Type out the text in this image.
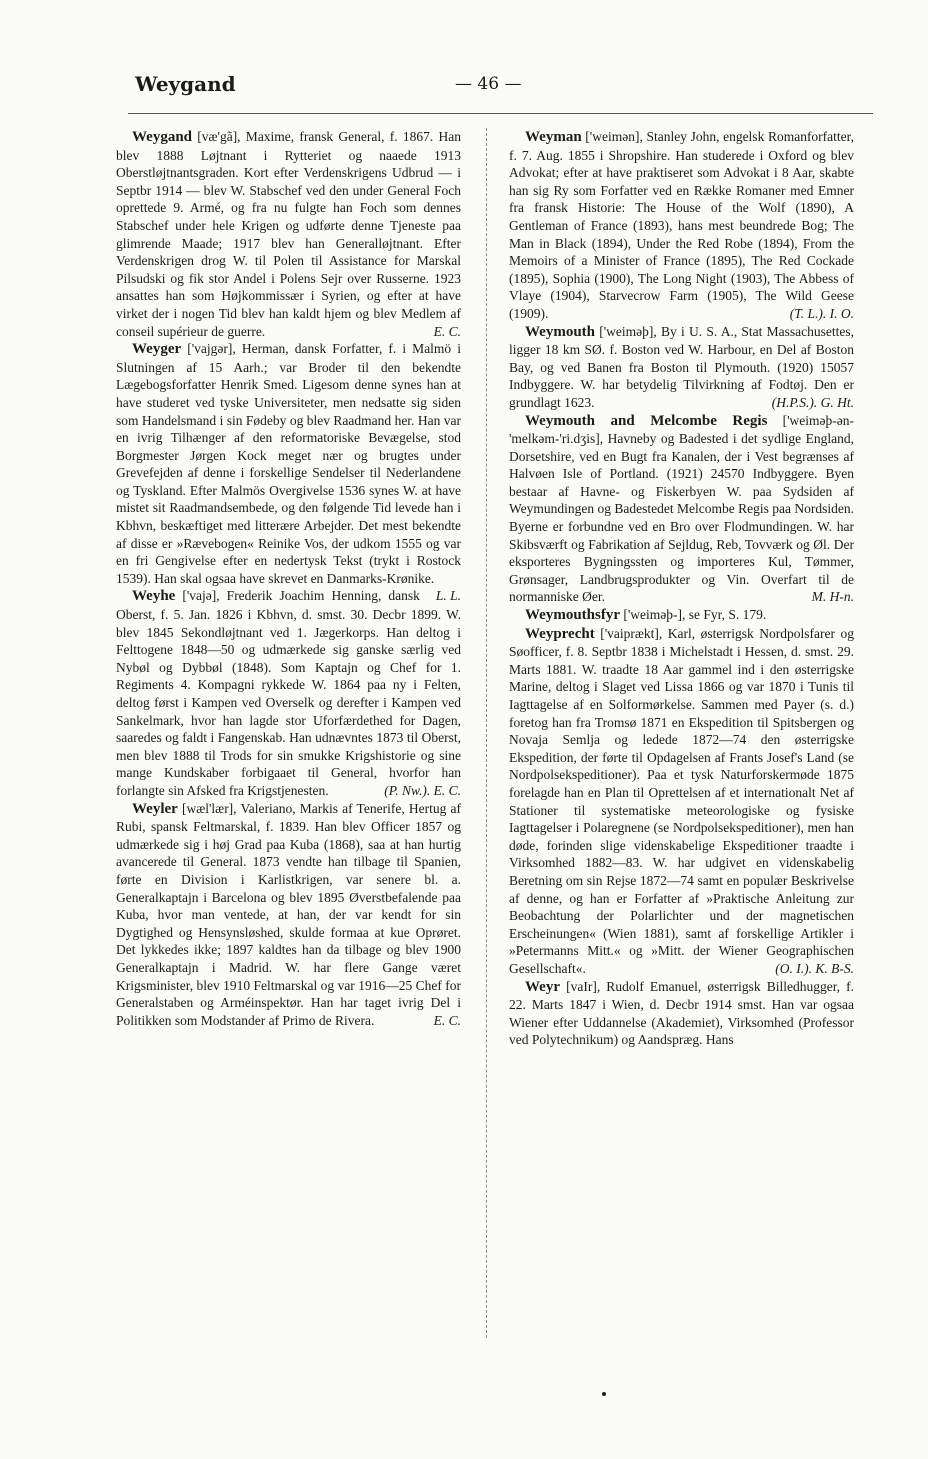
Weygand	— 46 —

Weygand [væ'gã], Maxime, fransk General, f. 1867. Han blev 1888 Løjtnant i Rytteriet og naaede 1913 Oberstløjtnantsgraden. Kort efter Verdenskrigens Udbrud — i Septbr 1914 — blev W. Stabschef ved den under General Foch oprettede 9. Armé, og fra nu fulgte han Foch som dennes Stabschef under hele Krigen og udførte denne Tjeneste paa glimrende Maade; 1917 blev han Generalløjtnant. Efter Verdenskrigen drog W. til Polen til Assistance for Marskal Pilsudski og fik stor Andel i Polens Sejr over Russerne. 1923 ansattes han som Højkommissær i Syrien, og efter at have virket der i nogen Tid blev han kaldt hjem og blev Medlem af conseil supérieur de guerre.	E. C.

Weyger ['vajgər], Herman, dansk Forfatter, f. i Malmö i Slutningen af 15 Aarh.; var Broder til den bekendte Lægebogsforfatter Henrik Smed. Ligesom denne synes han at have studeret ved tyske Universiteter, men nedsatte sig siden som Handelsmand i sin Fødeby og blev Raadmand her. Han var en ivrig Tilhænger af den reformatoriske Bevægelse, stod Borgmester Jørgen Kock meget nær og brugtes under Grevefejden af denne i forskellige Sendelser til Nederlandene og Tyskland. Efter Malmös Overgivelse 1536 synes W. at have mistet sit Raadmandsembede, og den følgende Tid levede han i Kbhvn, beskæftiget med litterære Arbejder. Det mest bekendte af disse er »Rævebogen« Reinike Vos, der udkom 1555 og var en fri Gengivelse efter en nedertysk Tekst (trykt i Rostock 1539). Han skal ogsaa have skrevet en Danmarks-Krønike.
L. L.

Weyhe ['vajə], Frederik Joachim Henning, dansk Oberst, f. 5. Jan. 1826 i Kbhvn, d. smst. 30. Decbr 1899. W. blev 1845 Sekondløjtnant ved 1. Jægerkorps. Han deltog i Felttogene 1848—50 og udmærkede sig ganske særlig ved Nybøl og Dybbøl (1848). Som Kaptajn og Chef for 1. Regiments 4. Kompagni rykkede W. 1864 paa ny i Felten, deltog først i Kampen ved Overselk og derefter i Kampen ved Sankelmark, hvor han lagde stor Uforfærdethed for Dagen, saaredes og faldt i Fangenskab. Han udnævntes 1873 til Oberst, men blev 1888 til Trods for sin smukke Krigshistorie og sine mange Kundskaber forbigaaet til General, hvorfor han forlangte sin Afsked fra Krigstjenesten.	(P. Nw.). E. C.

Weyler [wæl'lær], Valeriano, Markis af Tenerife, Hertug af Rubi, spansk Feltmarskal, f. 1839. Han blev Officer 1857 og udmærkede sig i høj Grad paa Kuba (1868), saa at han hurtig avancerede til General. 1873 vendte han tilbage til Spanien, førte en Division i Karlistkrigen, var senere bl. a. Generalkaptajn i Barcelona og blev 1895 Øverstbefalende paa Kuba, hvor man ventede, at han, der var kendt for sin Dygtighed og Hensynsløshed, skulde formaa at kue Oprøret. Det lykkedes ikke; 1897 kaldtes han da tilbage og blev 1900 Generalkaptajn i Madrid. W. har flere Gange været Krigsminister, blev 1910 Feltmarskal og var 1916—25 Chef for Generalstaben og Arméinspektør. Han har taget ivrig Del i Politikken som Modstander af Primo de Rivera.	E. C.

Weyman ['weimən], Stanley John, engelsk Romanforfatter, f. 7. Aug. 1855 i Shropshire. Han studerede i Oxford og blev Advokat; efter at have praktiseret som Advokat i 8 Aar, skabte han sig Ry som Forfatter ved en Række Romaner med Emner fra fransk Historie: The House of the Wolf (1890), A Gentleman of France (1893), hans mest beundrede Bog; The Man in Black (1894), Under the Red Robe (1894), From the Memoirs of a Minister of France (1895), The Red Cockade (1895), Sophia (1900), The Long Night (1903), The Abbess of Vlaye (1904), Starvecrow Farm (1905), The Wild Geese (1909).	(T. L.). I. O.

Weymouth ['weiməþ], By i U. S. A., Stat Massachusettes, ligger 18 km SØ. f. Boston ved W. Harbour, en Del af Boston Bay, og ved Banen fra Boston til Plymouth. (1920) 15057 Indbyggere. W. har betydelig Tilvirkning af Fodtøj. Den er grundlagt 1623.	(H.P.S.). G. Ht.

Weymouth and Melcombe Regis ['weiməþ-ən-'melkəm-'ri.dʒis], Havneby og Badested i det sydlige England, Dorsetshire, ved en Bugt fra Kanalen, der i Vest begrænses af Halvøen Isle of Portland. (1921) 24570 Indbyggere. Byen bestaar af Havne- og Fiskerbyen W. paa Sydsiden af Weymundingen og Badestedet Melcombe Regis paa Nordsiden. Byerne er forbundne ved en Bro over Flodmundingen. W. har Skibsværft og Fabrikation af Sejldug, Reb, Tovværk og Øl. Der eksporteres Bygningssten og importeres Kul, Tømmer, Grønsager, Landbrugsprodukter og Vin. Overfart til de normanniske Øer.	M. H-n.

Weymouthsfyr ['weiməþ-], se Fyr, S. 179.

Weyprecht ['vaiprækt], Karl, østerrigsk Nordpolsfarer og Søofficer, f. 8. Septbr 1838 i Michelstadt i Hessen, d. smst. 29. Marts 1881. W. traadte 18 Aar gammel ind i den østerrigske Marine, deltog i Slaget ved Lissa 1866 og var 1870 i Tunis til Iagttagelse af en Solformørkelse. Sammen med Payer (s. d.) foretog han fra Tromsø 1871 en Ekspedition til Spitsbergen og Novaja Semlja og ledede 1872—74 den østerrigske Ekspedition, der førte til Opdagelsen af Frants Josef's Land (se Nordpolsekspeditioner). Paa et tysk Naturforskermøde 1875 forelagde han en Plan til Oprettelsen af et internationalt Net af Stationer til systematiske meteorologiske og fysiske Iagttagelser i Polaregnene (se Nordpolsekspeditioner), men han døde, forinden slige videnskabelige Ekspeditioner traadte i Virksomhed 1882—83. W. har udgivet en videnskabelig Beretning om sin Rejse 1872—74 samt en populær Beskrivelse af denne, og han er Forfatter af »Praktische Anleitung zur Beobachtung der Polarlichter und der magnetischen Erscheinungen« (Wien 1881), samt af forskellige Artikler i »Petermanns Mitt.« og »Mitt. der Wiener Geographischen Gesellschaft«.	(O. I.). K. B-S.

Weyr [vaIr], Rudolf Emanuel, østerrigsk Billedhugger, f. 22. Marts 1847 i Wien, d. Decbr 1914 smst. Han var ogsaa Wiener efter Uddannelse (Akademiet), Virksomhed (Professor ved Polytechnikum) og Aandspræg. Hans
